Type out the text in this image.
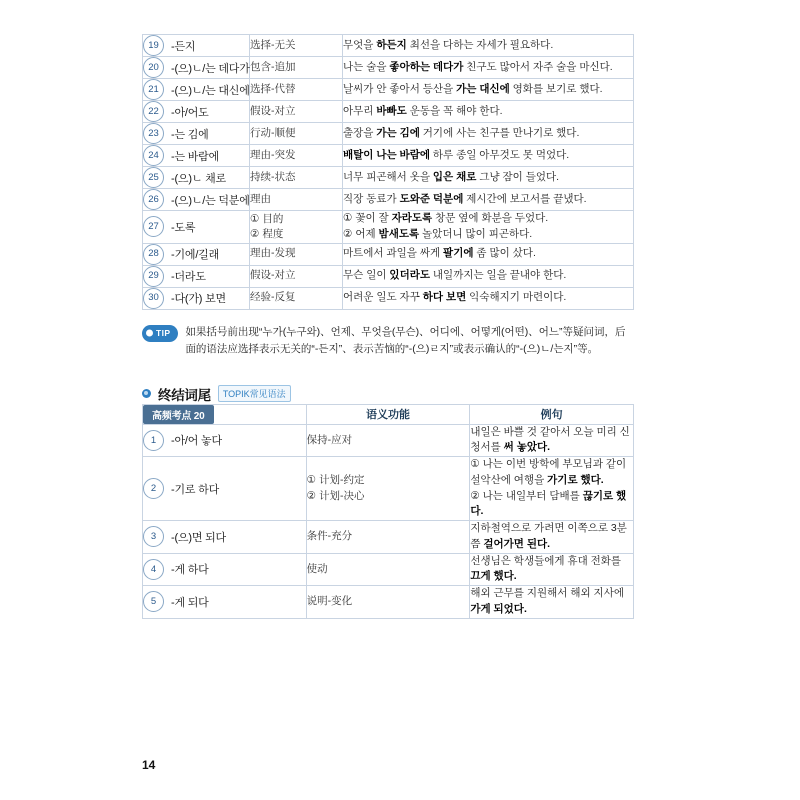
19 -든지	选择-无关	무엇을 하든지 최선을 다하는 자세가 필요하다.

20 -(으)ㄴ/는 데다가	包含-追加	나는 술을 좋아하는 데다가 친구도 많아서 자주 술을 마신다.

21 -(으)ㄴ/는 대신에	选择-代替	날씨가 안 좋아서 등산을 가는 대신에 영화를 보기로 했다.

22 -아/어도	假设-对立	아무리 바빠도 운동을 꼭 해야 한다.

23 -는 김에	行动-顺便	출장을 가는 김에 거기에 사는 친구를 만나기로 했다.

24 -는 바람에	理由-突发	배탈이 나는 바람에 하루 종일 아무것도 못 먹었다.

25 -(으)ㄴ 채로	持续-状态	너무 피곤해서 옷을 입은 채로 그냥 잠이 들었다.

26 -(으)ㄴ/는 덕분에	理由	직장 동료가 도와준 덕분에 제시간에 보고서를 끝냈다.

27 -도록	① 目的
② 程度	① 꽃이 잘 자라도록 창문 옆에 화분을 두었다.
② 어제 밤새도록 놀았더니 많이 피곤하다.

28 -기에/길래	理由-发现	마트에서 과일을 싸게 팔기에 좀 많이 샀다.

29 -더라도	假设-对立	무슨 일이 있더라도 내일까지는 일을 끝내야 한다.

30 -다(가) 보면	经验-反复	어려운 일도 자꾸 하다 보면 익숙해지기 마련이다.
TIP	如果括号前出现“누가(누구와)、언제、무엇을(무슨)、어디에、어떻게(어떤)、어느”等疑问词，后面的语法应选择表示无关的“-든지”、表示苦恼的“-(으)ㄹ지”或表示确认的“-(으)ㄴ/는지”等。
终结词尾	TOPIK常见语法
高频考点 20	语义功能	例句

1 -아/어 놓다	保持-应对	내일은 바쁠 것 같아서 오늘 미리 신청서를 써 놓았다.

2 -기로 하다	① 计划-约定
② 计划-决心	① 나는 이번 방학에 부모님과 같이 설악산에 여행을 가기로 했다.
② 나는 내일부터 담배를 끊기로 했다.

3 -(으)면 되다	条件-充分	지하철역으로 가려면 이쪽으로 3분쯤 걸어가면 된다.

4 -게 하다	使动	선생님은 학생들에게 휴대 전화를 끄게 했다.

5 -게 되다	说明-变化	해외 근무를 지원해서 해외 지사에 가게 되었다.
14
